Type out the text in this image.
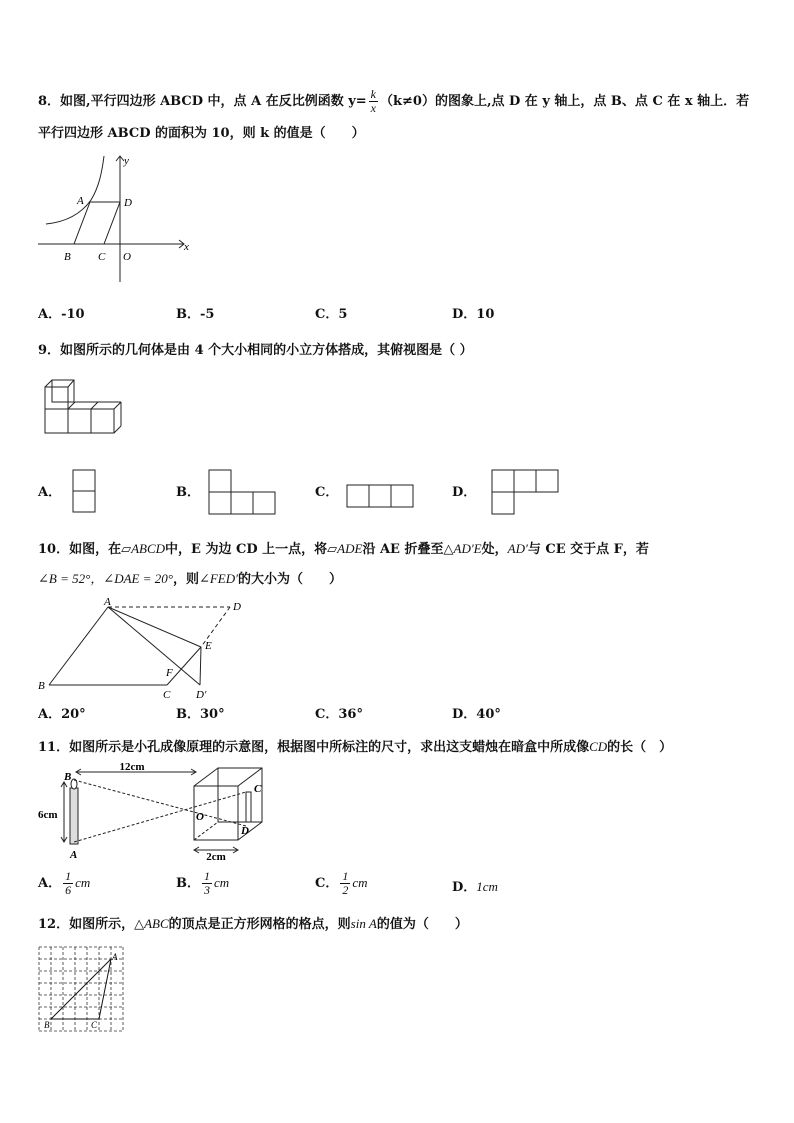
8．如图,平行四边形 ABCD 中，点 A 在反比例函数 $y= \frac{k}{x} (k\ne 0)$的图象上,点 D 在 y 轴上，点 B、点 C 在 x 轴上．若
平行四边形 ABCD 的面积为 10，则 k 的值是（　　）
y
x
A	D
B C O
A．-10	B．-5	C．5	D．10
9．如图所示的几何体是由 4 个大小相同的小立方体搭成，其俯视图是（ ）
A．	B．	C．	D．
10．如图，在▱ABCD中，E 为边 CD 上一点，将▱ADE沿 AE 折叠至△AD′E处，AD′与 CE 交于点 F，若
∠B = 52°，∠DAE = 20°，则∠FED′的大小为（　　）
A	D
E
F
B
C D′
A．20°	B．30°	C．36°	D．40°
11．如图所示是小孔成像原理的示意图，根据图中所标注的尺寸，求出这支蜡烛在暗盒中所成像CD的长（　）
12cm
6cm
2cm
B
A
O
C
D
A． $\frac{1}{6}$ cm	B． $\frac{1}{3}$ cm	C． $\frac{1}{2}$ cm	D．1cm
12．如图所示，△ABC的顶点是正方形网格的格点，则sin A的值为（　　）
A
B	C
